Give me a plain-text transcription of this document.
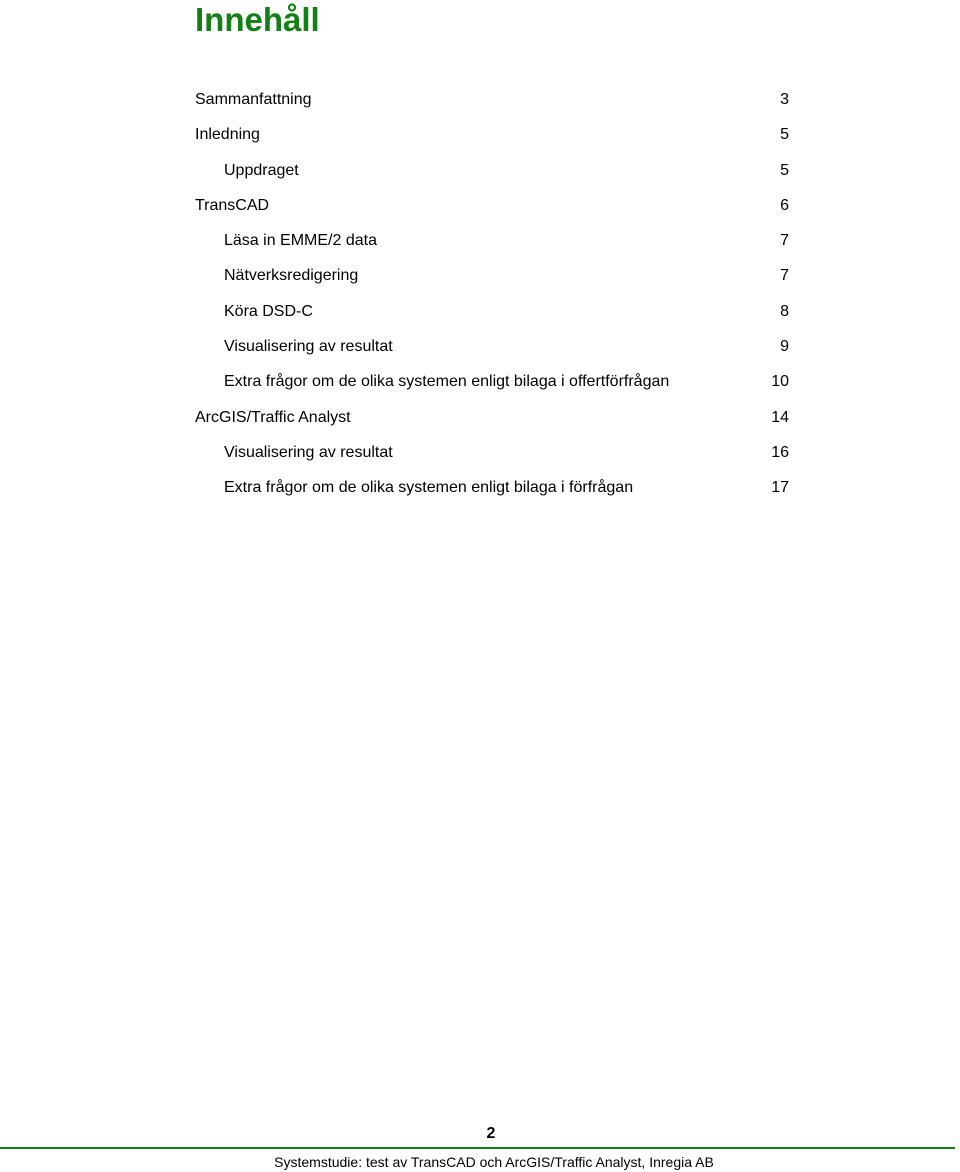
Innehåll
Sammanfattning	3
Inledning	5
Uppdraget	5
TransCAD	6
Läsa in EMME/2 data	7
Nätverksredigering	7
Köra DSD-C	8
Visualisering av resultat	9
Extra frågor om de olika systemen enligt bilaga i offertförfrågan	10
ArcGIS/Traffic Analyst	14
Visualisering av resultat	16
Extra frågor om de olika systemen enligt bilaga i förfrågan	17
2
Systemstudie: test av TransCAD och ArcGIS/Traffic Analyst, Inregia AB
